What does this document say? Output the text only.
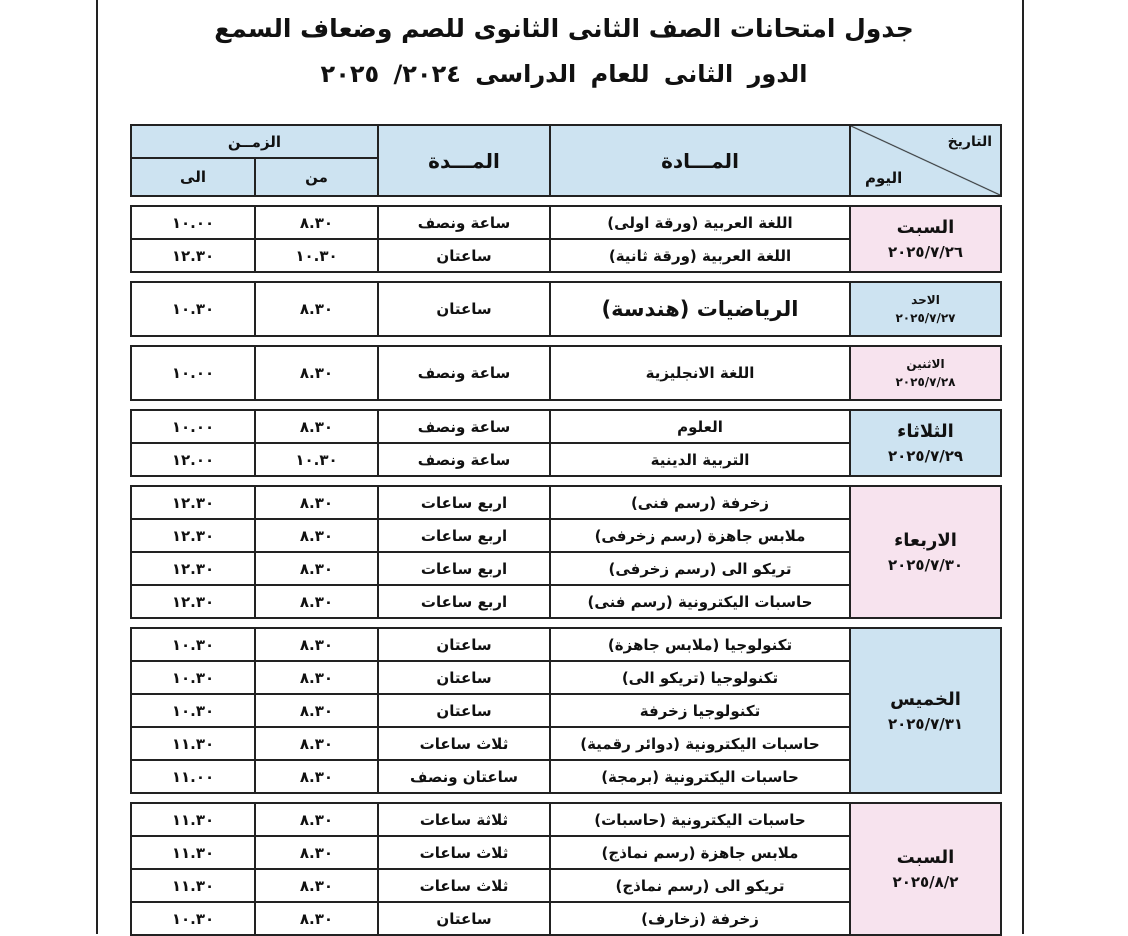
جدول امتحانات الصف الثانى الثانوى للصم وضعاف السمع
الدور الثانى للعام الدراسى ٢٠٢٤/ ٢٠٢٥
الزمــن		المـــدة	المـــادة	التاريخ
اليوم

الى	من			

١٠.٠٠	٨.٣٠	ساعة ونصف	اللغة العربية (ورقة اولى)	السبت
٢٠٢٥/٧/٢٦

١٢.٣٠	١٠.٣٠	ساعتان	اللغة العربية (ورقة ثانية)	

١٠.٣٠	٨.٣٠	ساعتان	الرياضيات (هندسة)	الاحد
٢٠٢٥/٧/٢٧

١٠.٠٠	٨.٣٠	ساعة ونصف	اللغة الانجليزية	الاثنين
٢٠٢٥/٧/٢٨

١٠.٠٠	٨.٣٠	ساعة ونصف	العلوم	الثلاثاء
٢٠٢٥/٧/٢٩

١٢.٠٠	١٠.٣٠	ساعة ونصف	التربية الدينية	

١٢.٣٠	٨.٣٠	اربع ساعات	زخرفة (رسم فنى)	الاربعاء
٢٠٢٥/٧/٣٠

١٢.٣٠	٨.٣٠	اربع ساعات	ملابس جاهزة (رسم زخرفى)	
١٢.٣٠	٨.٣٠	اربع ساعات	تريكو الى (رسم زخرفى)	
١٢.٣٠	٨.٣٠	اربع ساعات	حاسبات اليكترونية (رسم فنى)	

١٠.٣٠	٨.٣٠	ساعتان	تكنولوجيا (ملابس جاهزة)	الخميس
٢٠٢٥/٧/٣١

١٠.٣٠	٨.٣٠	ساعتان	تكنولوجيا (تريكو الى)	
١٠.٣٠	٨.٣٠	ساعتان	تكنولوجيا زخرفة	
١١.٣٠	٨.٣٠	ثلاث ساعات	حاسبات اليكترونية (دوائر رقمية)	
١١.٠٠	٨.٣٠	ساعتان ونصف	حاسبات اليكترونية (برمجة)	

١١.٣٠	٨.٣٠	ثلاثة ساعات	حاسبات اليكترونية (حاسبات)	السبت
٢٠٢٥/٨/٢

١١.٣٠	٨.٣٠	ثلاث ساعات	ملابس جاهزة (رسم نماذج)	
١١.٣٠	٨.٣٠	ثلاث ساعات	تريكو الى (رسم نماذج)	
١٠.٣٠	٨.٣٠	ساعتان	زخرفة (زخارف)	
